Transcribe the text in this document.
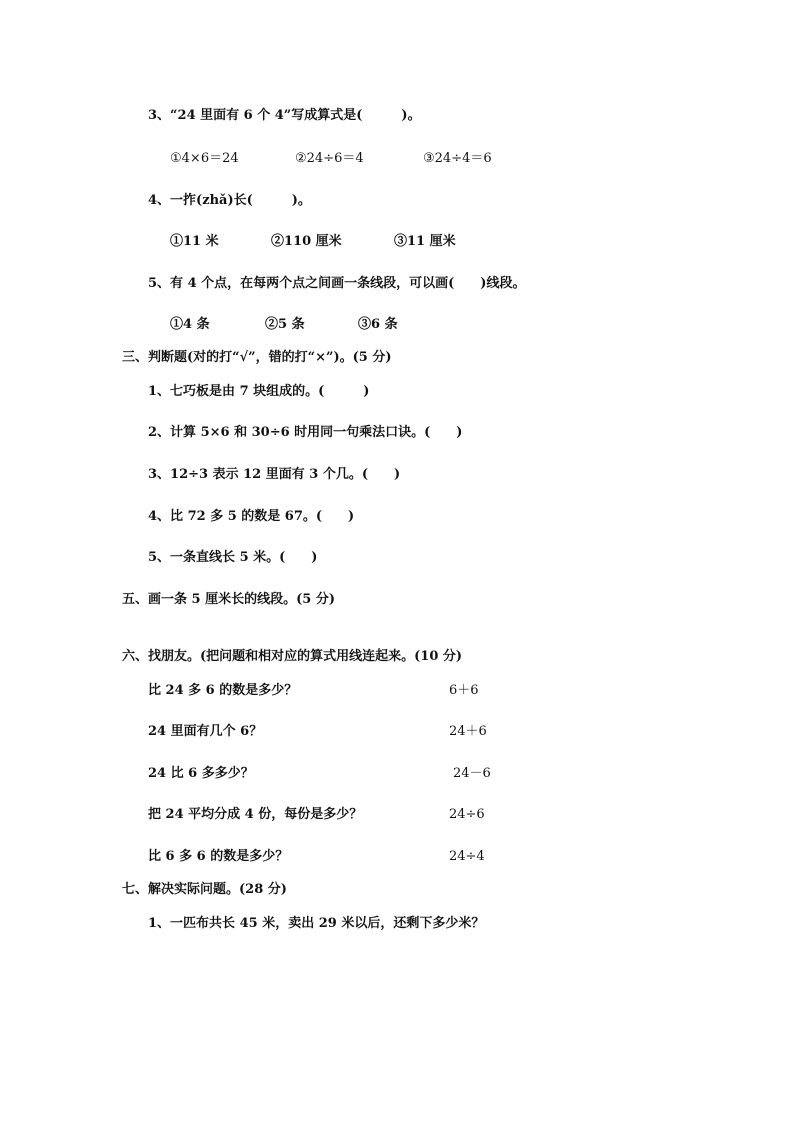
3、“24 里面有 6 个 4”写成算式是(　　　)。
①4×6＝24	②24÷6＝4	③24÷4＝6
4、一拃(zhǎ)长(　　　)。
①11 米	②110 厘米	③11 厘米
5、有 4 个点，在每两个点之间画一条线段，可以画(　　)线段。
①4 条	②5 条	③6 条
三、判断题(对的打“√”，错的打“×”)。(5 分)
1、七巧板是由 7 块组成的。(　　　)
2、计算 5×6 和 30÷6 时用同一句乘法口诀。(　　)
3、12÷3 表示 12 里面有 3 个几。(　　)
4、比 72 多 5 的数是 67。(　　)
5、一条直线长 5 米。(　　)
五、画一条 5 厘米长的线段。(5 分)
六、找朋友。(把问题和相对应的算式用线连起来。(10 分)
比 24 多 6 的数是多少？	6＋6
24 里面有几个 6？	24＋6
24 比 6 多多少？	24－6
把 24 平均分成 4 份，每份是多少？	24÷6
比 6 多 6 的数是多少？	24÷4
七、解决实际问题。(28 分)
1、一匹布共长 45 米，卖出 29 米以后，还剩下多少米？
